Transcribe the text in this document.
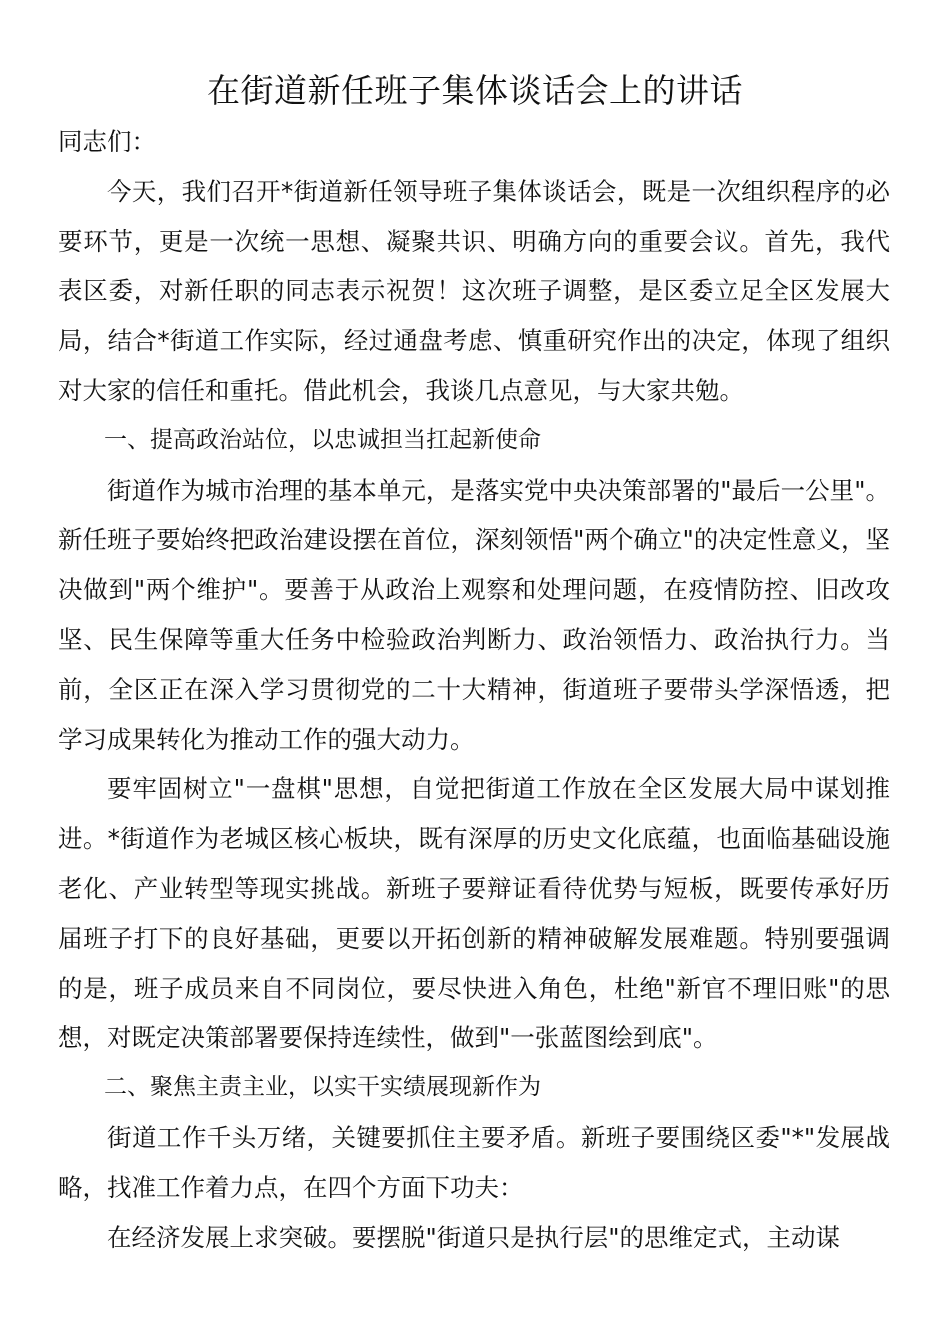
在街道新任班子集体谈话会上的讲话

同志们：

今天，我们召开*街道新任领导班子集体谈话会，既是一次组织程序的必要环节，更是一次统一思想、凝聚共识、明确方向的重要会议。首先，我代表区委，对新任职的同志表示祝贺！这次班子调整，是区委立足全区发展大局，结合*街道工作实际，经过通盘考虑、慎重研究作出的决定，体现了组织对大家的信任和重托。借此机会，我谈几点意见，与大家共勉。

一、提高政治站位，以忠诚担当扛起新使命

街道作为城市治理的基本单元，是落实党中央决策部署的"最后一公里"。新任班子要始终把政治建设摆在首位，深刻领悟"两个确立"的决定性意义，坚决做到"两个维护"。要善于从政治上观察和处理问题，在疫情防控、旧改攻坚、民生保障等重大任务中检验政治判断力、政治领悟力、政治执行力。当前，全区正在深入学习贯彻党的二十大精神，街道班子要带头学深悟透，把学习成果转化为推动工作的强大动力。

要牢固树立"一盘棋"思想，自觉把街道工作放在全区发展大局中谋划推进。*街道作为老城区核心板块，既有深厚的历史文化底蕴，也面临基础设施老化、产业转型等现实挑战。新班子要辩证看待优势与短板，既要传承好历届班子打下的良好基础，更要以开拓创新的精神破解发展难题。特别要强调的是，班子成员来自不同岗位，要尽快进入角色，杜绝"新官不理旧账"的思想，对既定决策部署要保持连续性，做到"一张蓝图绘到底"。

二、聚焦主责主业，以实干实绩展现新作为

街道工作千头万绪，关键要抓住主要矛盾。新班子要围绕区委"*"发展战略，找准工作着力点，在四个方面下功夫：

在经济发展上求突破。要摆脱"街道只是执行层"的思维定式，主动谋
